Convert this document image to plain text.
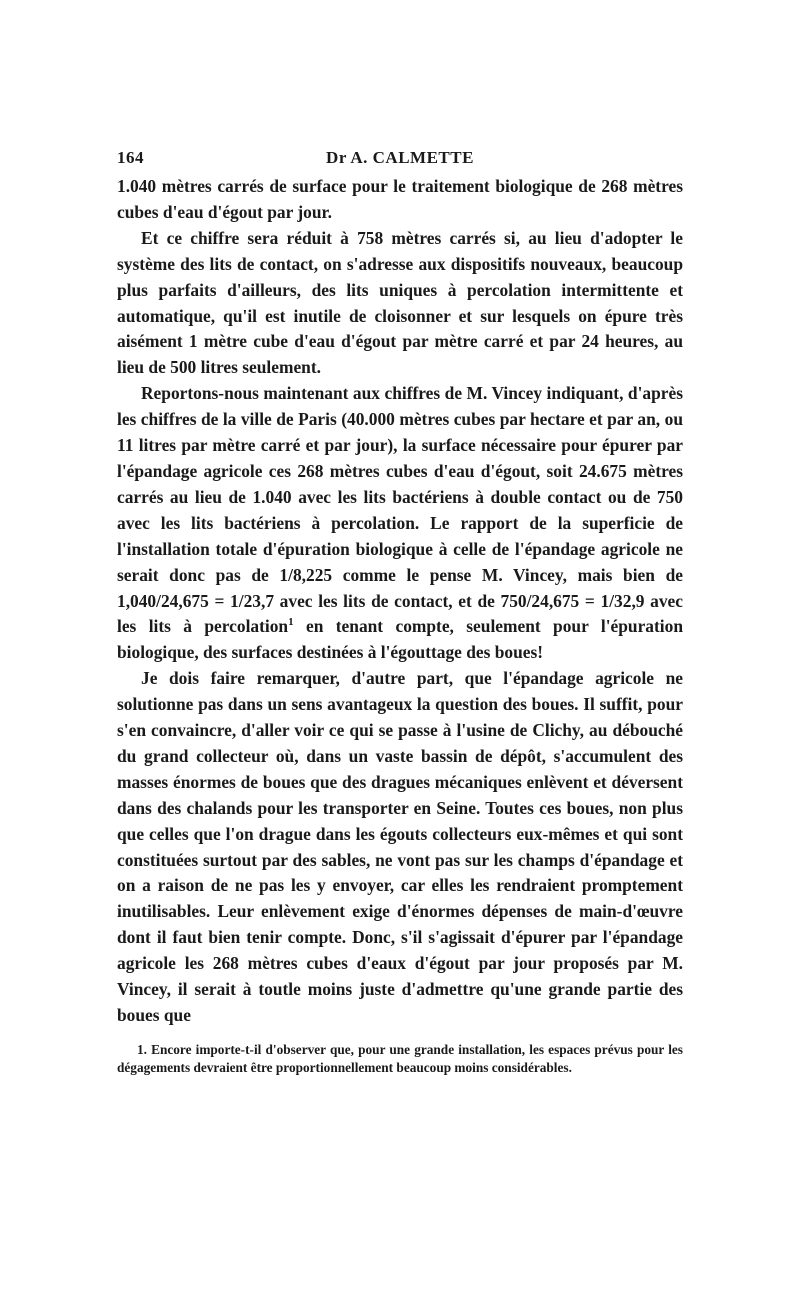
164	Dr A. CALMETTE

1.040 mètres carrés de surface pour le traitement biologique de 268 mètres cubes d'eau d'égout par jour.

Et ce chiffre sera réduit à 758 mètres carrés si, au lieu d'adopter le système des lits de contact, on s'adresse aux dispositifs nouveaux, beaucoup plus parfaits d'ailleurs, des lits uniques à percolation intermittente et automatique, qu'il est inutile de cloisonner et sur lesquels on épure très aisément 1 mètre cube d'eau d'égout par mètre carré et par 24 heures, au lieu de 500 litres seulement.

Reportons-nous maintenant aux chiffres de M. Vincey indiquant, d'après les chiffres de la ville de Paris (40.000 mètres cubes par hectare et par an, ou 11 litres par mètre carré et par jour), la surface nécessaire pour épurer par l'épandage agricole ces 268 mètres cubes d'eau d'égout, soit 24.675 mètres carrés au lieu de 1.040 avec les lits bactériens à double contact ou de 750 avec les lits bactériens à percolation. Le rapport de la superficie de l'installation totale d'épuration biologique à celle de l'épandage agricole ne serait donc pas de 1/8,225 comme le pense M. Vincey, mais bien de 1,040/24,675 = 1/23,7 avec les lits de contact, et de 750/24,675 = 1/32,9 avec les lits à percolation$^1$ en tenant compte, seulement pour l'épuration biologique, des surfaces destinées à l'égouttage des boues!

Je dois faire remarquer, d'autre part, que l'épandage agricole ne solutionne pas dans un sens avantageux la question des boues. Il suffit, pour s'en convaincre, d'aller voir ce qui se passe à l'usine de Clichy, au débouché du grand collecteur où, dans un vaste bassin de dépôt, s'accumulent des masses énormes de boues que des dragues mécaniques enlèvent et déversent dans des chalands pour les transporter en Seine. Toutes ces boues, non plus que celles que l'on drague dans les égouts collecteurs eux-mêmes et qui sont constituées surtout par des sables, ne vont pas sur les champs d'épandage et on a raison de ne pas les y envoyer, car elles les rendraient promptement inutilisables. Leur enlèvement exige d'énormes dépenses de main-d'œuvre dont il faut bien tenir compte. Donc, s'il s'agissait d'épurer par l'épandage agricole les 268 mètres cubes d'eaux d'égout par jour proposés par M. Vincey, il serait à toutle moins juste d'admettre qu'une grande partie des boues que

1. Encore importe-t-il d'observer que, pour une grande installation, les espaces prévus pour les dégagements devraient être proportionnellement beaucoup moins considérables.
